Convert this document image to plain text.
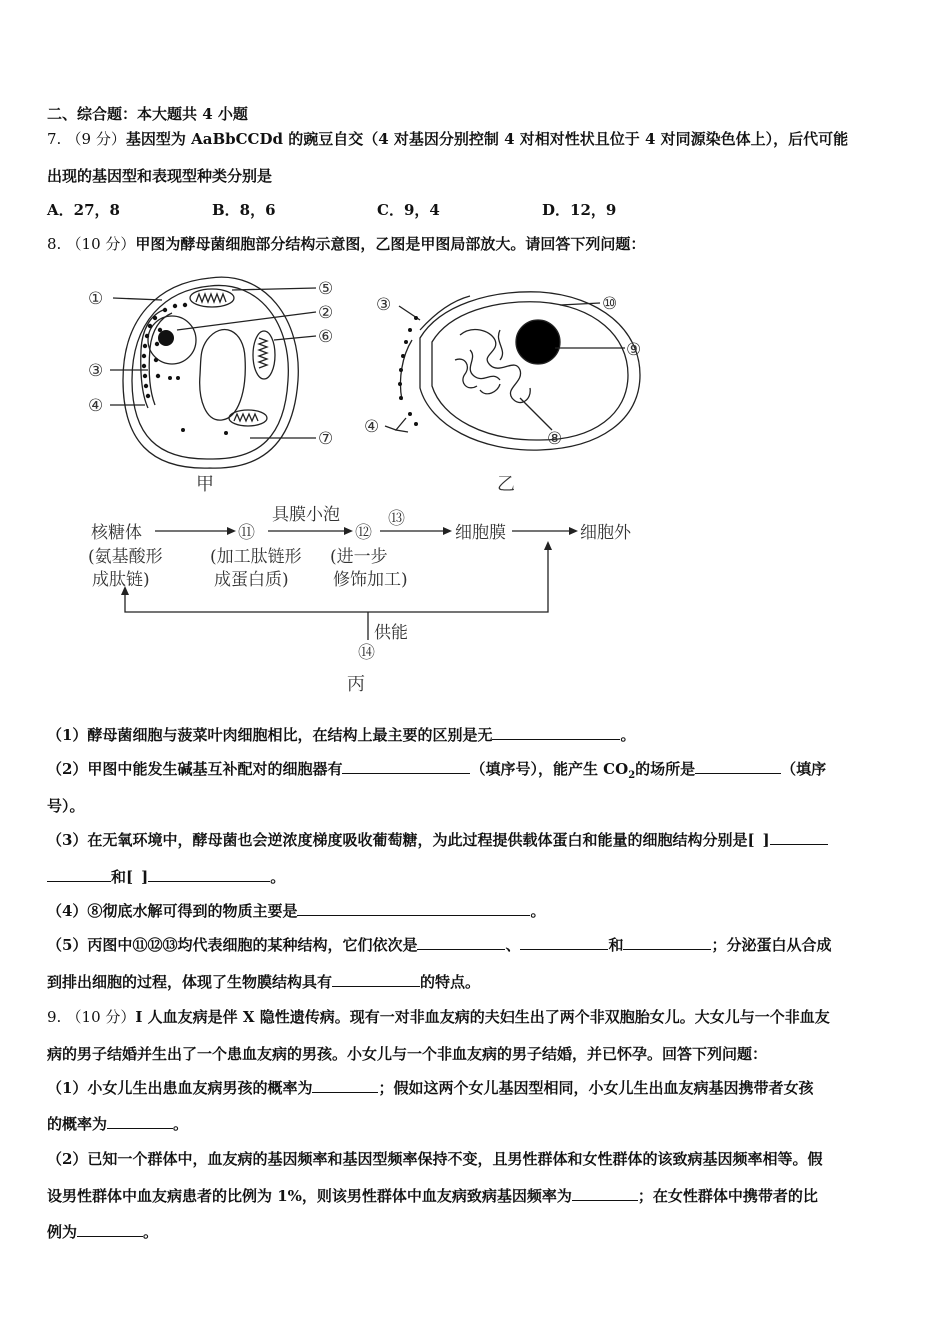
二、综合题：本大题共 4 小题
7. （9 分）基因型为 AaBbCCDd 的豌豆自交（4 对基因分别控制 4 对相对性状且位于 4 对同源染色体上），后代可能
出现的基因型和表现型种类分别是
A．27，8	B．8，6	C．9，4	D．12，9
8. （10 分）甲图为酵母菌细胞部分结构示意图，乙图是甲图局部放大。请回答下列问题：
①
②
③
④
⑤
⑥
⑦
③
④
⑧
⑨
⑩
甲	乙
丙
核糖体
(氨基酸形
成肽链)
⑪
(加工肽链形
成蛋白质)
具膜小泡
⑫
⑬
(进一步
修饰加工)
细胞膜	细胞外
供能
⑭
（1）酵母菌细胞与菠菜叶肉细胞相比，在结构上最主要的区别是无	。
（2）甲图中能发生碱基互补配对的细胞器有	（填序号），能产生 $CO_2$的场所是	（填序
号）。
（3）在无氧环境中，酵母菌也会逆浓度梯度吸收葡萄糖，为此过程提供载体蛋白和能量的细胞结构分别是[ ]
和[ ]	。
（4）⑧彻底水解可得到的物质主要是	。
（5）丙图中⑪⑫⑬均代表细胞的某种结构，它们依次是	、	和	；分泌蛋白从合成
到排出细胞的过程，体现了生物膜结构具有	的特点。
9. （10 分）I 人血友病是伴 X 隐性遗传病。现有一对非血友病的夫妇生出了两个非双胞胎女儿。大女儿与一个非血友
病的男子结婚并生出了一个患血友病的男孩。小女儿与一个非血友病的男子结婚，并已怀孕。回答下列问题：
（1）小女儿生出患血友病男孩的概率为	；假如这两个女儿基因型相同，小女儿生出血友病基因携带者女孩
的概率为	。
（2）已知一个群体中，血友病的基因频率和基因型频率保持不变，且男性群体和女性群体的该致病基因频率相等。假
设男性群体中血友病患者的比例为 1%，则该男性群体中血友病致病基因频率为	；在女性群体中携带者的比
例为	。
